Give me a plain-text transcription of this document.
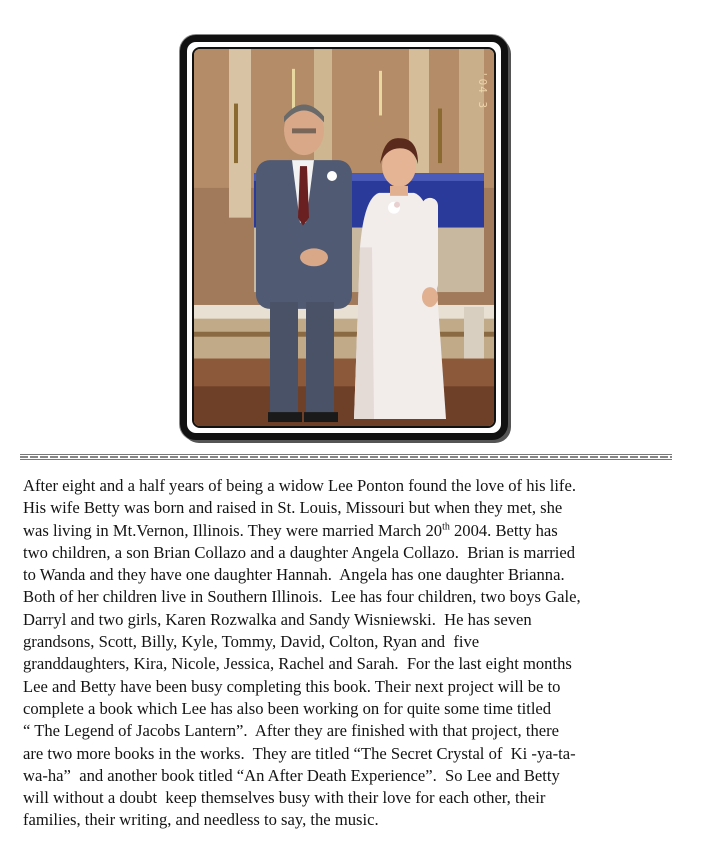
'04 3
After eight and a half years of being a widow Lee Ponton found the love of his life.
His wife Betty was born and raised in St. Louis, Missouri but when they met, she
was living in Mt.Vernon, Illinois. They were married March 20th 2004. Betty has
two children, a son Brian Collazo and a daughter Angela Collazo.  Brian is married
to Wanda and they have one daughter Hannah.  Angela has one daughter Brianna.
Both of her children live in Southern Illinois.  Lee has four children, two boys Gale,
Darryl and two girls, Karen Rozwalka and Sandy Wisniewski.  He has seven
grandsons, Scott, Billy, Kyle, Tommy, David, Colton, Ryan and  five
granddaughters, Kira, Nicole, Jessica, Rachel and Sarah.  For the last eight months
Lee and Betty have been busy completing this book. Their next project will be to
complete a book which Lee has also been working on for quite some time titled
“ The Legend of Jacobs Lantern”.  After they are finished with that project, there
are two more books in the works.  They are titled “The Secret Crystal of  Ki -ya-ta-
wa-ha”  and another book titled “An After Death Experience”.  So Lee and Betty
will without a doubt  keep themselves busy with their love for each other, their
families, their writing, and needless to say, the music.
